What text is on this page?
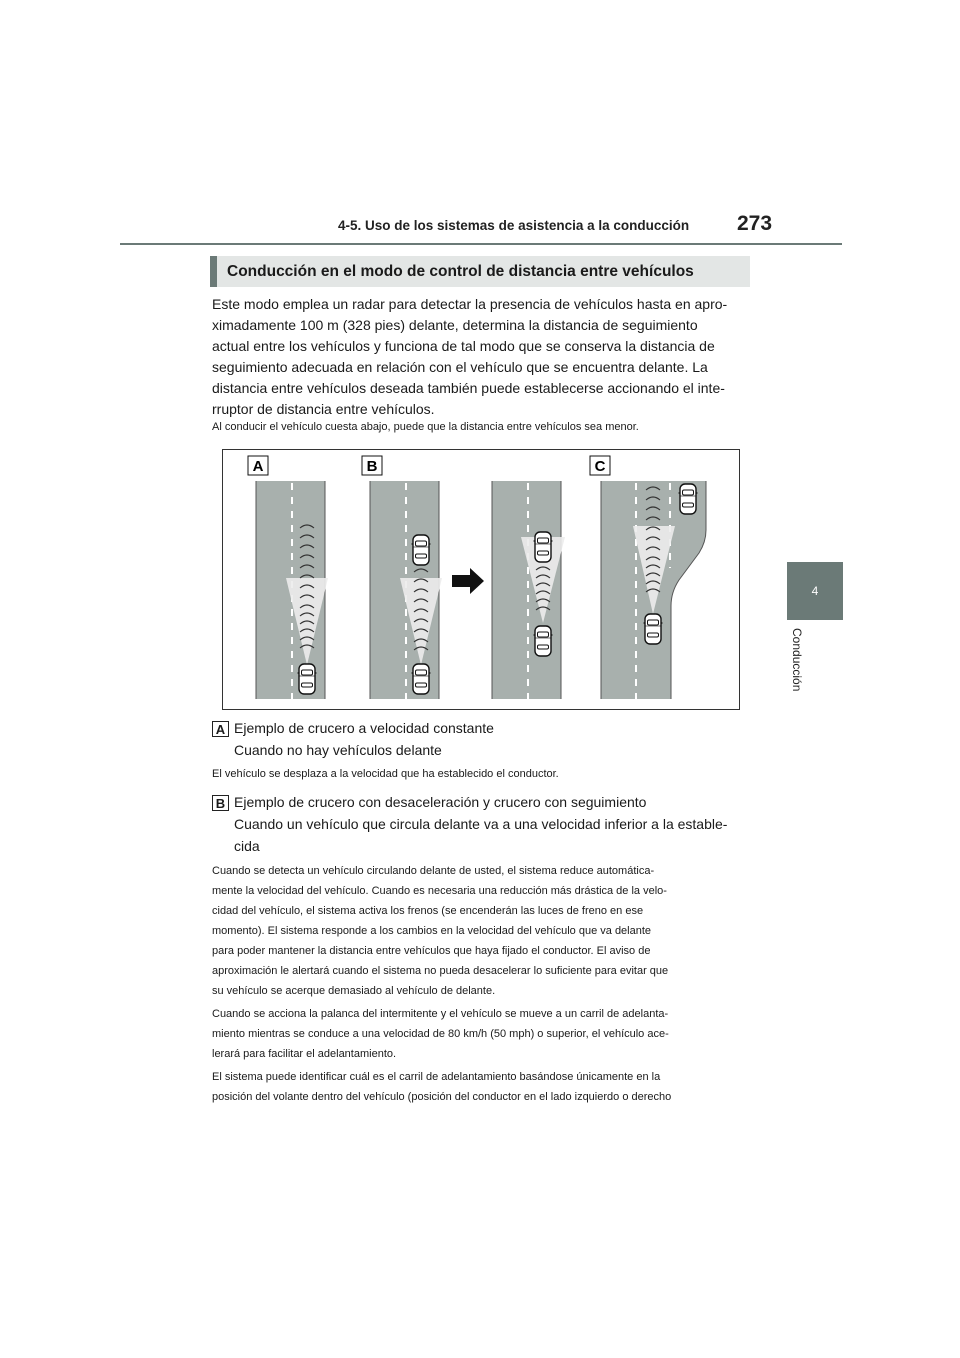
4-5. Uso de los sistemas de asistencia a la conducción 273
4
Conducción
Conducción en el modo de control de distancia entre vehículos

Este modo emplea un radar para detectar la presencia de vehículos hasta en apro-

ximadamente 100 m (328 pies) delante, determina la distancia de seguimiento

actual entre los vehículos y funciona de tal modo que se conserva la distancia de

seguimiento adecuada en relación con el vehículo que se encuentra delante. La

distancia entre vehículos deseada también puede establecerse accionando el inte-

rruptor de distancia entre vehículos.

Al conducir el vehículo cuesta abajo, puede que la distancia entre vehículos sea menor.

A	B	C
A Ejemplo de crucero a velocidad constante

Cuando no hay vehículos delante

El vehículo se desplaza a la velocidad que ha establecido el conductor.

B Ejemplo de crucero con desaceleración y crucero con seguimiento

Cuando un vehículo que circula delante va a una velocidad inferior a la estable-

cida

Cuando se detecta un vehículo circulando delante de usted, el sistema reduce automática-

mente la velocidad del vehículo. Cuando es necesaria una reducción más drástica de la velo-

cidad del vehículo, el sistema activa los frenos (se encenderán las luces de freno en ese

momento). El sistema responde a los cambios en la velocidad del vehículo que va delante

para poder mantener la distancia entre vehículos que haya fijado el conductor. El aviso de

aproximación le alertará cuando el sistema no pueda desacelerar lo suficiente para evitar que

su vehículo se acerque demasiado al vehículo de delante.

Cuando se acciona la palanca del intermitente y el vehículo se mueve a un carril de adelanta-

miento mientras se conduce a una velocidad de 80 km/h (50 mph) o superior, el vehículo ace-

lerará para facilitar el adelantamiento.

El sistema puede identificar cuál es el carril de adelantamiento basándose únicamente en la

posición del volante dentro del vehículo (posición del conductor en el lado izquierdo o derecho
